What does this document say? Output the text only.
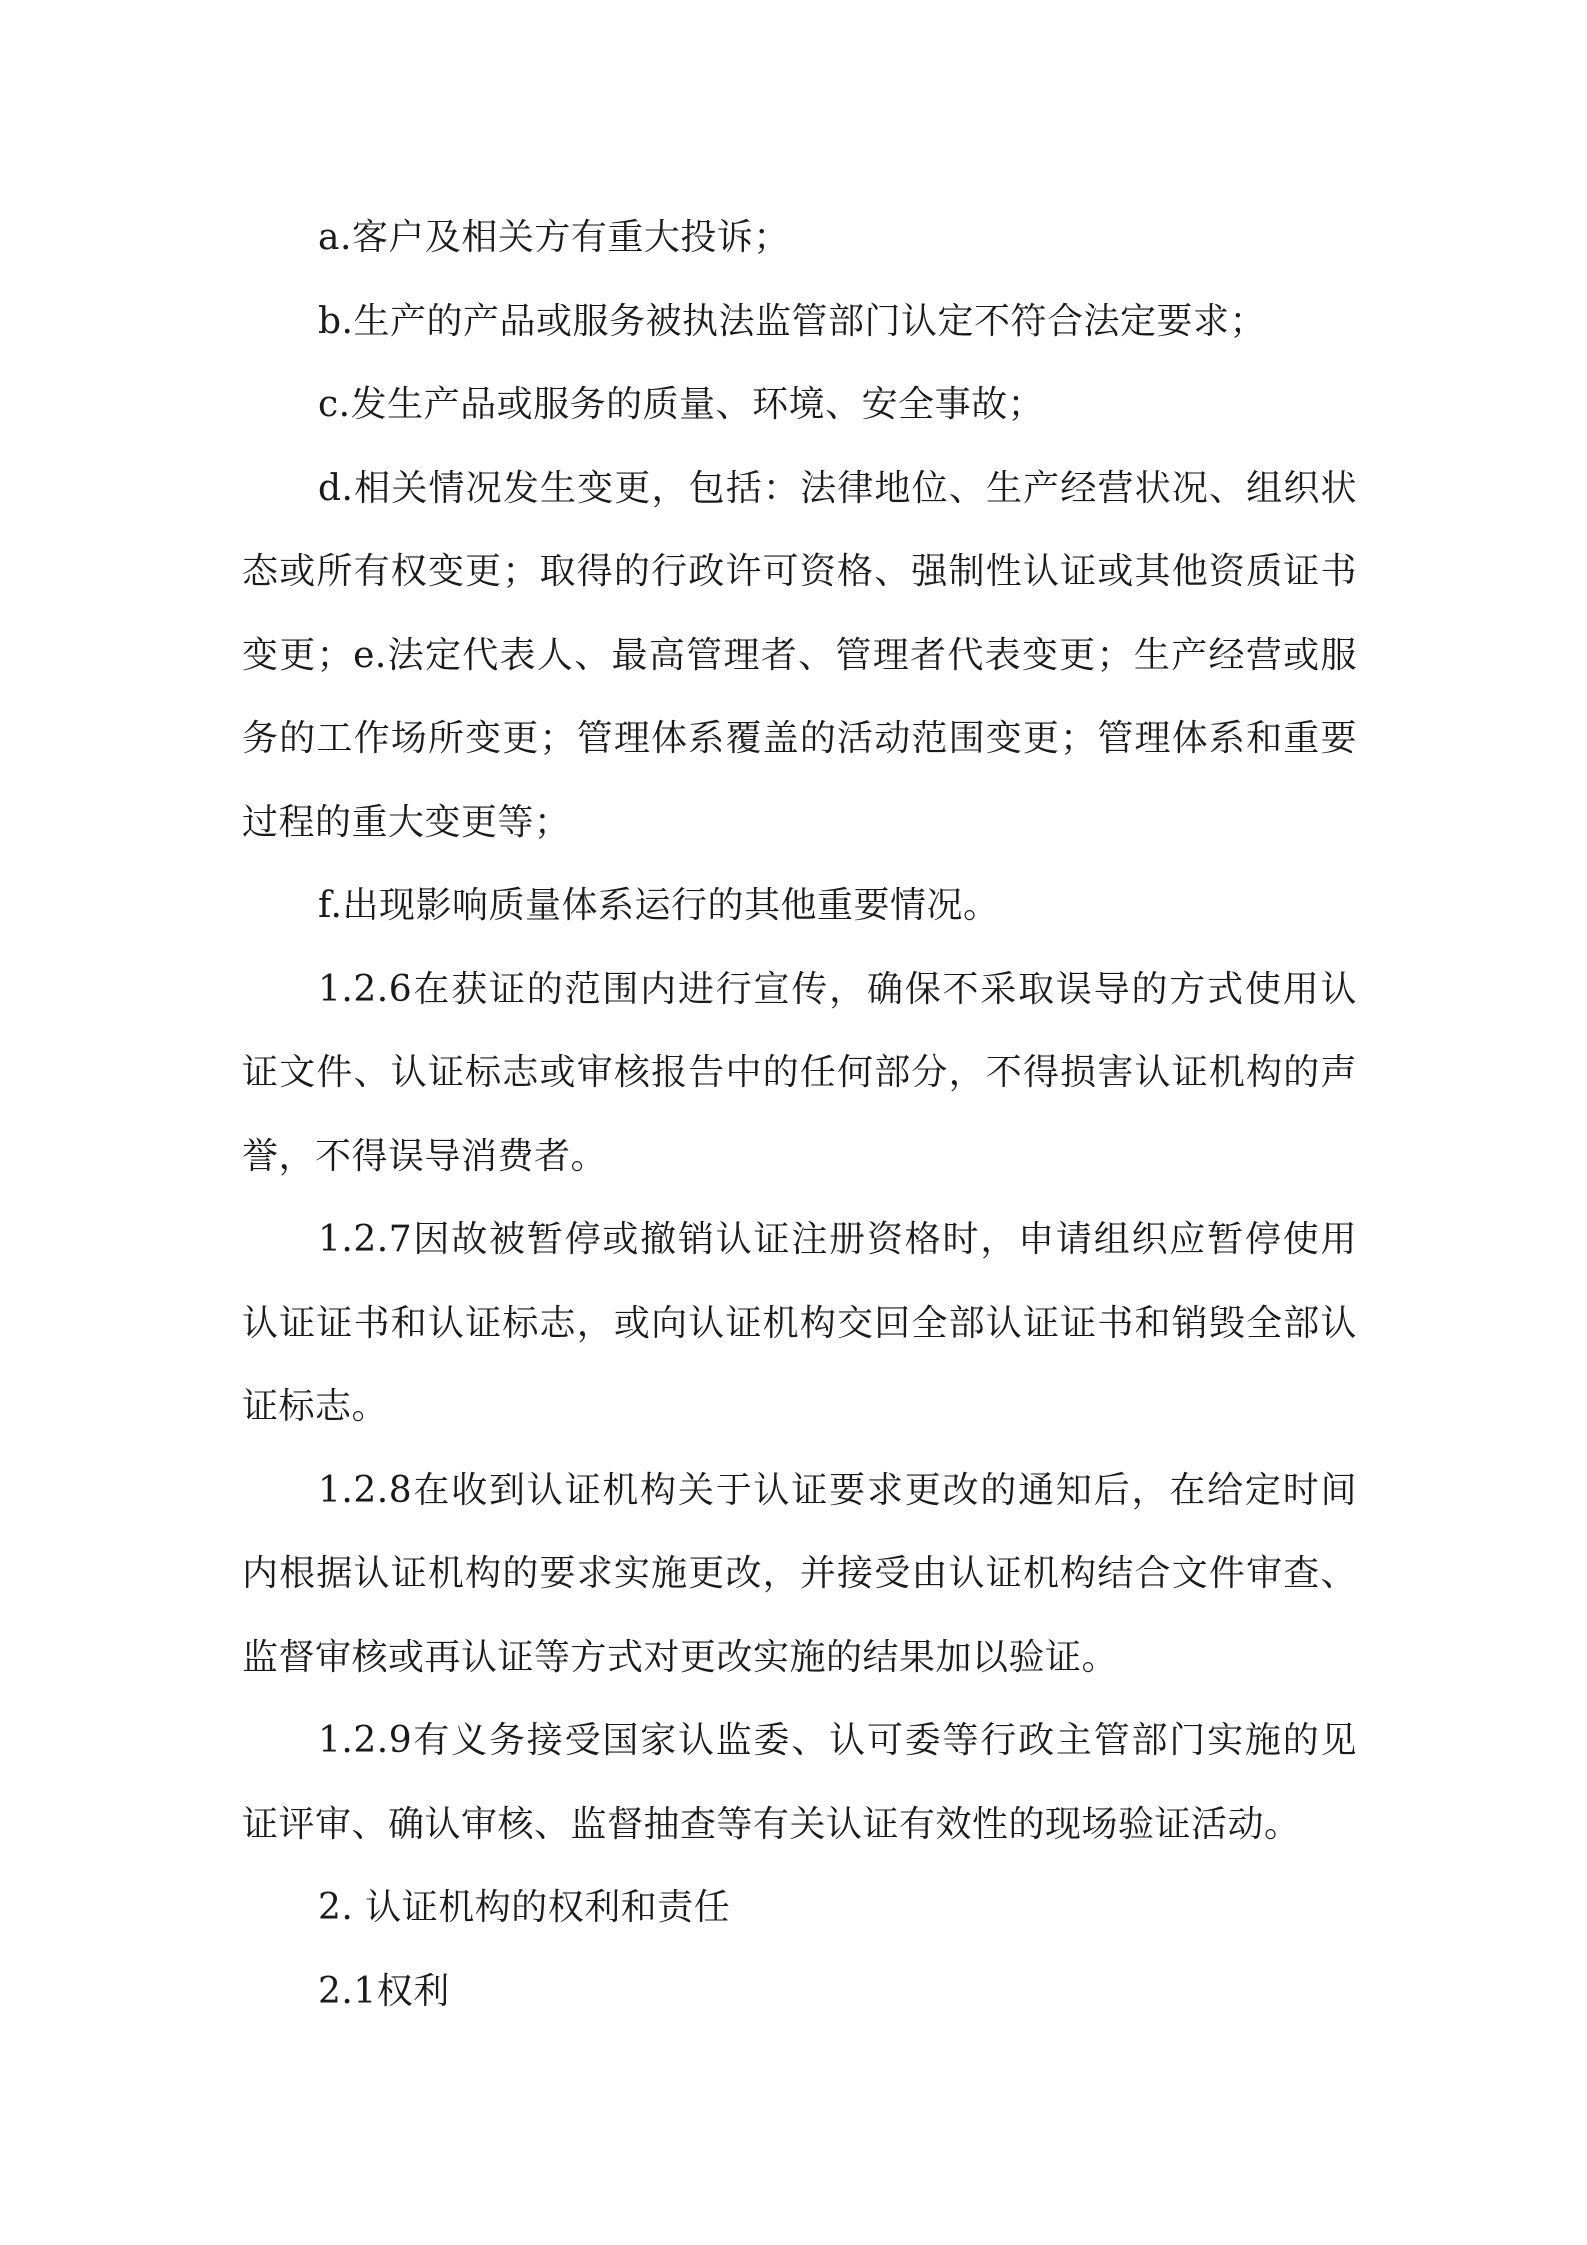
a.客户及相关方有重大投诉；

b.生产的产品或服务被执法监管部门认定不符合法定要求；

c.发生产品或服务的质量、环境、安全事故；

d.相关情况发生变更，包括：法律地位、生产经营状况、组织状态或所有权变更；取得的行政许可资格、强制性认证或其他资质证书变更；e.法定代表人、最高管理者、管理者代表变更；生产经营或服务的工作场所变更；管理体系覆盖的活动范围变更；管理体系和重要过程的重大变更等；

f.出现影响质量体系运行的其他重要情况。

1.2.6在获证的范围内进行宣传，确保不采取误导的方式使用认证文件、认证标志或审核报告中的任何部分，不得损害认证机构的声誉，不得误导消费者。

1.2.7因故被暂停或撤销认证注册资格时，申请组织应暂停使用认证证书和认证标志，或向认证机构交回全部认证证书和销毁全部认证标志。

1.2.8在收到认证机构关于认证要求更改的通知后，在给定时间内根据认证机构的要求实施更改，并接受由认证机构结合文件审查、监督审核或再认证等方式对更改实施的结果加以验证。

1.2.9有义务接受国家认监委、认可委等行政主管部门实施的见证评审、确认审核、监督抽查等有关认证有效性的现场验证活动。

2. 认证机构的权利和责任

2.1权利
